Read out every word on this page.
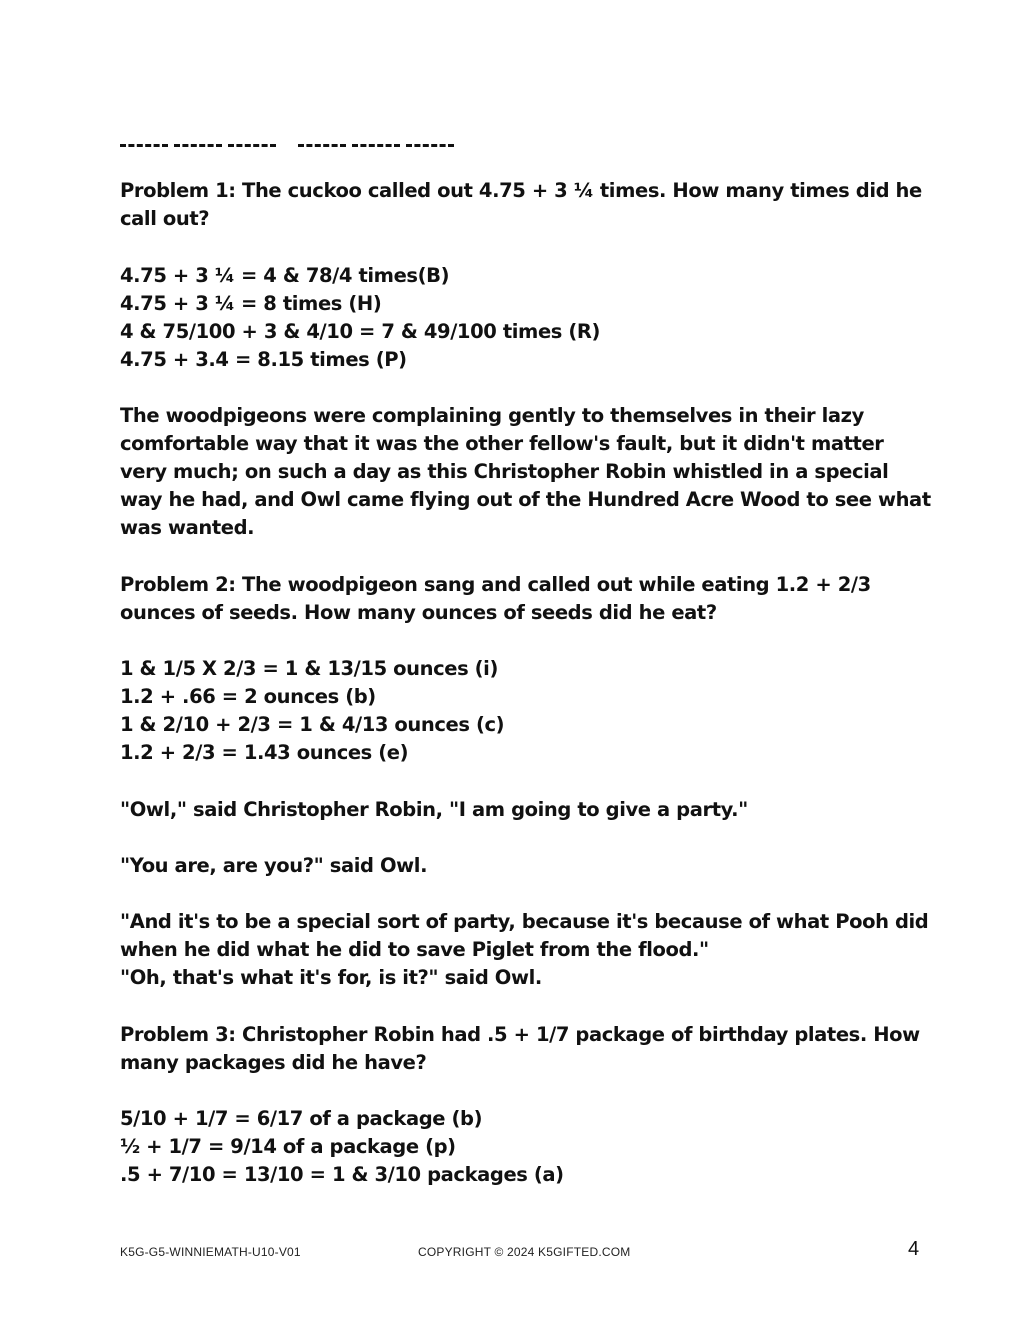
Problem 1: The cuckoo called out 4.75 + 3 ¼ times. How many times did he
call out?
4.75 + 3 ¼ = 4 & 78/4 times(B)
4.75 + 3 ¼ = 8 times (H)
4 & 75/100 + 3 & 4/10 = 7 & 49/100 times (R)
4.75 + 3.4 = 8.15 times (P)
The woodpigeons were complaining gently to themselves in their lazy
comfortable way that it was the other fellow's fault, but it didn't matter
very much; on such a day as this Christopher Robin whistled in a special
way he had, and Owl came flying out of the Hundred Acre Wood to see what
was wanted.
Problem 2: The woodpigeon sang and called out while eating 1.2 + 2/3
ounces of seeds. How many ounces of seeds did he eat?
1 & 1/5 X 2/3 = 1 & 13/15 ounces (i)
1.2 + .66 = 2 ounces (b)
1 & 2/10 + 2/3 = 1 & 4/13 ounces (c)
1.2 + 2/3 = 1.43 ounces (e)
"Owl," said Christopher Robin, "I am going to give a party."
"You are, are you?" said Owl.
"And it's to be a special sort of party, because it's because of what Pooh did
when he did what he did to save Piglet from the flood."
"Oh, that's what it's for, is it?" said Owl.
Problem 3: Christopher Robin had .5 + 1/7 package of birthday plates. How
many packages did he have?
5/10 + 1/7 = 6/17 of a package (b)
½ + 1/7 = 9/14 of a package (p)
.5 + 7/10 = 13/10 = 1 & 3/10 packages (a)
K5G-G5-WINNIEMATH-U10-V01	COPYRIGHT © 2024 K5GIFTED.COM	4
